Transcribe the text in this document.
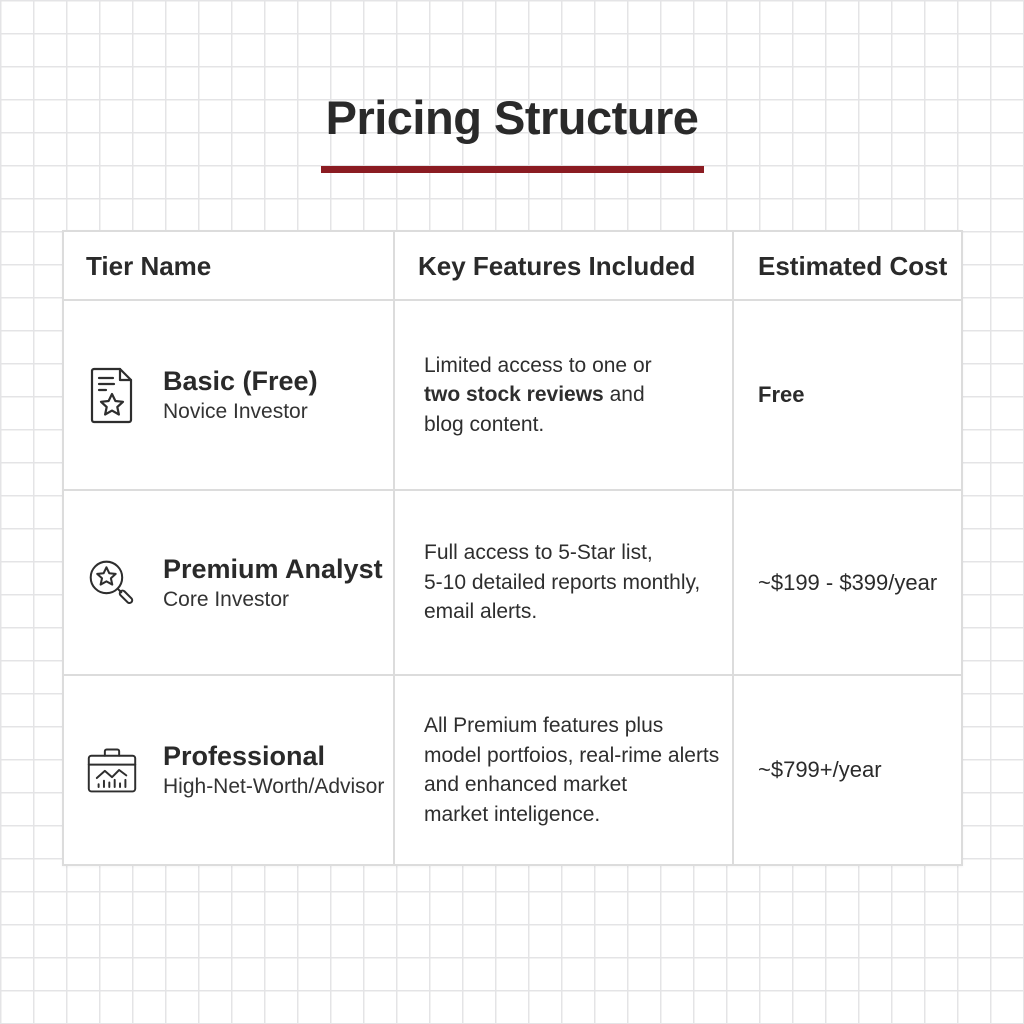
Pricing Structure
Tier Name	Key Features Included	Estimated Cost
Basic (Free)
Novice Investor
Limited access to one or
two stock reviews and
blog content.
Free
Premium Analyst
Core Investor
Full access to 5-Star list,
5-10 detailed reports monthly,
email alerts.
~$199 - $399/year
Professional
High-Net-Worth/Advisor
All Premium features plus
model portfoios, real-rime alerts
and enhanced market
market inteligence.
~$799+/year
